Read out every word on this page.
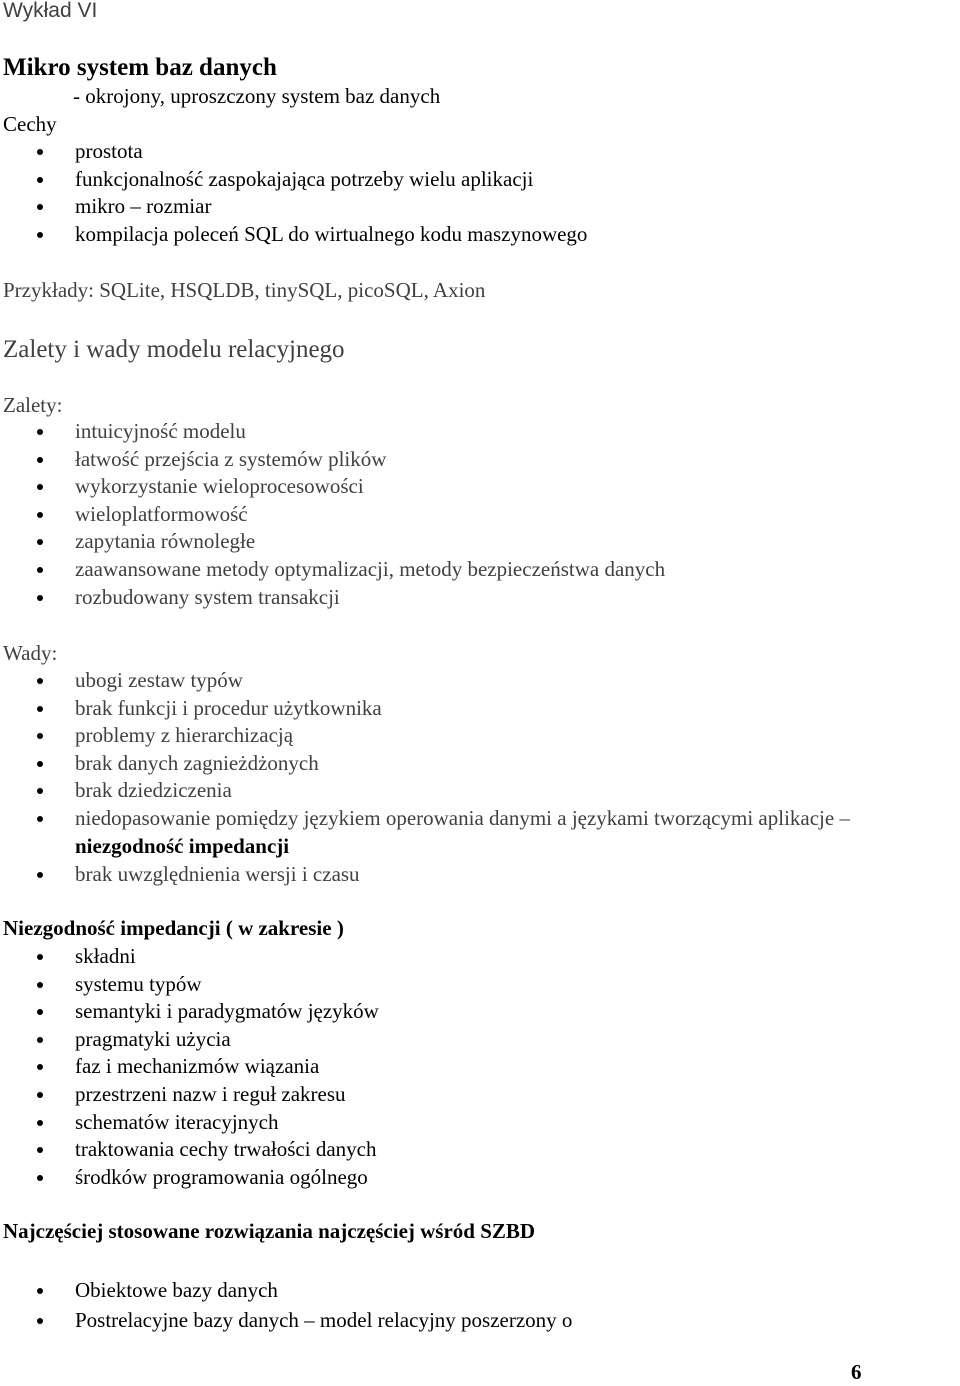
Wykład VI
Mikro system baz danych
- okrojony, uproszczony system baz danych
Cechy
prostota
funkcjonalność zaspokajająca potrzeby wielu aplikacji
mikro – rozmiar
kompilacja poleceń SQL do wirtualnego kodu maszynowego
Przykłady: SQLite, HSQLDB, tinySQL, picoSQL, Axion
Zalety i wady modelu relacyjnego
Zalety:
intuicyjność modelu
łatwość przejścia z systemów plików
wykorzystanie wieloprocesowości
wieloplatformowość
zapytania równoległe
zaawansowane metody optymalizacji, metody bezpieczeństwa danych
rozbudowany system transakcji
Wady:
ubogi zestaw typów
brak funkcji i procedur użytkownika
problemy z hierarchizacją
brak danych zagnieżdżonych
brak dziedziczenia
niedopasowanie pomiędzy językiem operowania danymi a językami tworzącymi aplikacje –
niezgodność impedancji
brak uwzględnienia wersji i czasu
Niezgodność impedancji ( w zakresie )
składni
systemu typów
semantyki i paradygmatów języków
pragmatyki użycia
faz i mechanizmów wiązania
przestrzeni nazw i reguł zakresu
schematów iteracyjnych
traktowania cechy trwałości danych
środków programowania ogólnego
Najczęściej stosowane rozwiązania najczęściej wśród SZBD
Obiektowe bazy danych
Postrelacyjne bazy danych – model relacyjny poszerzony o
6
